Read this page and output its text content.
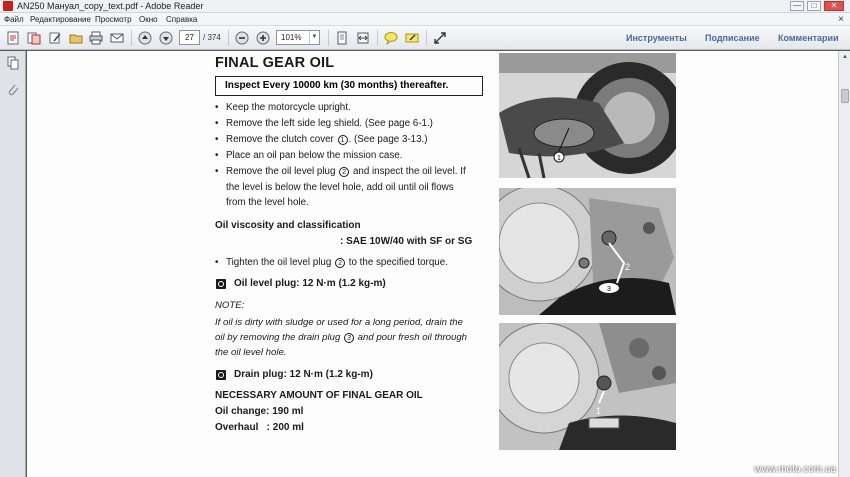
AN250 Мануал_copy_text.pdf - Adobe Reader	—	□	✕
Файл Редактирование Просмотр Окно Справка	×
27	/ 374	101%	▼	Инструменты Подписание Комментарии
FINAL GEAR OIL
Inspect Every 10000 km (30 months) thereafter.
• Keep the motorcycle upright.
• Remove the left side leg shield. (See page 6-1.)
• Remove the clutch cover 1 . (See page 3-13.)
• Place an oil pan below the mission case.
• Remove the oil level plug 2 and inspect the oil level. If
the level is below the level hole, add oil until oil flows
from the level hole.
Oil viscosity and classification
: SAE 10W/40 with SF or SG
• Tighten the oil level plug 2 to the specified torque.
Oil level plug: 12 N·m (1.2 kg-m)
NOTE:
If oil is dirty with sludge or used for a long period, drain the
oil by removing the drain plug 3 and pour fresh oil through
the oil level hole.
Drain plug: 12 N·m (1.2 kg-m)
NECESSARY AMOUNT OF FINAL GEAR OIL
Oil change: 190 ml
Overhaul   : 200 ml
1
2
3
1
www.moto.com.ua
▲
